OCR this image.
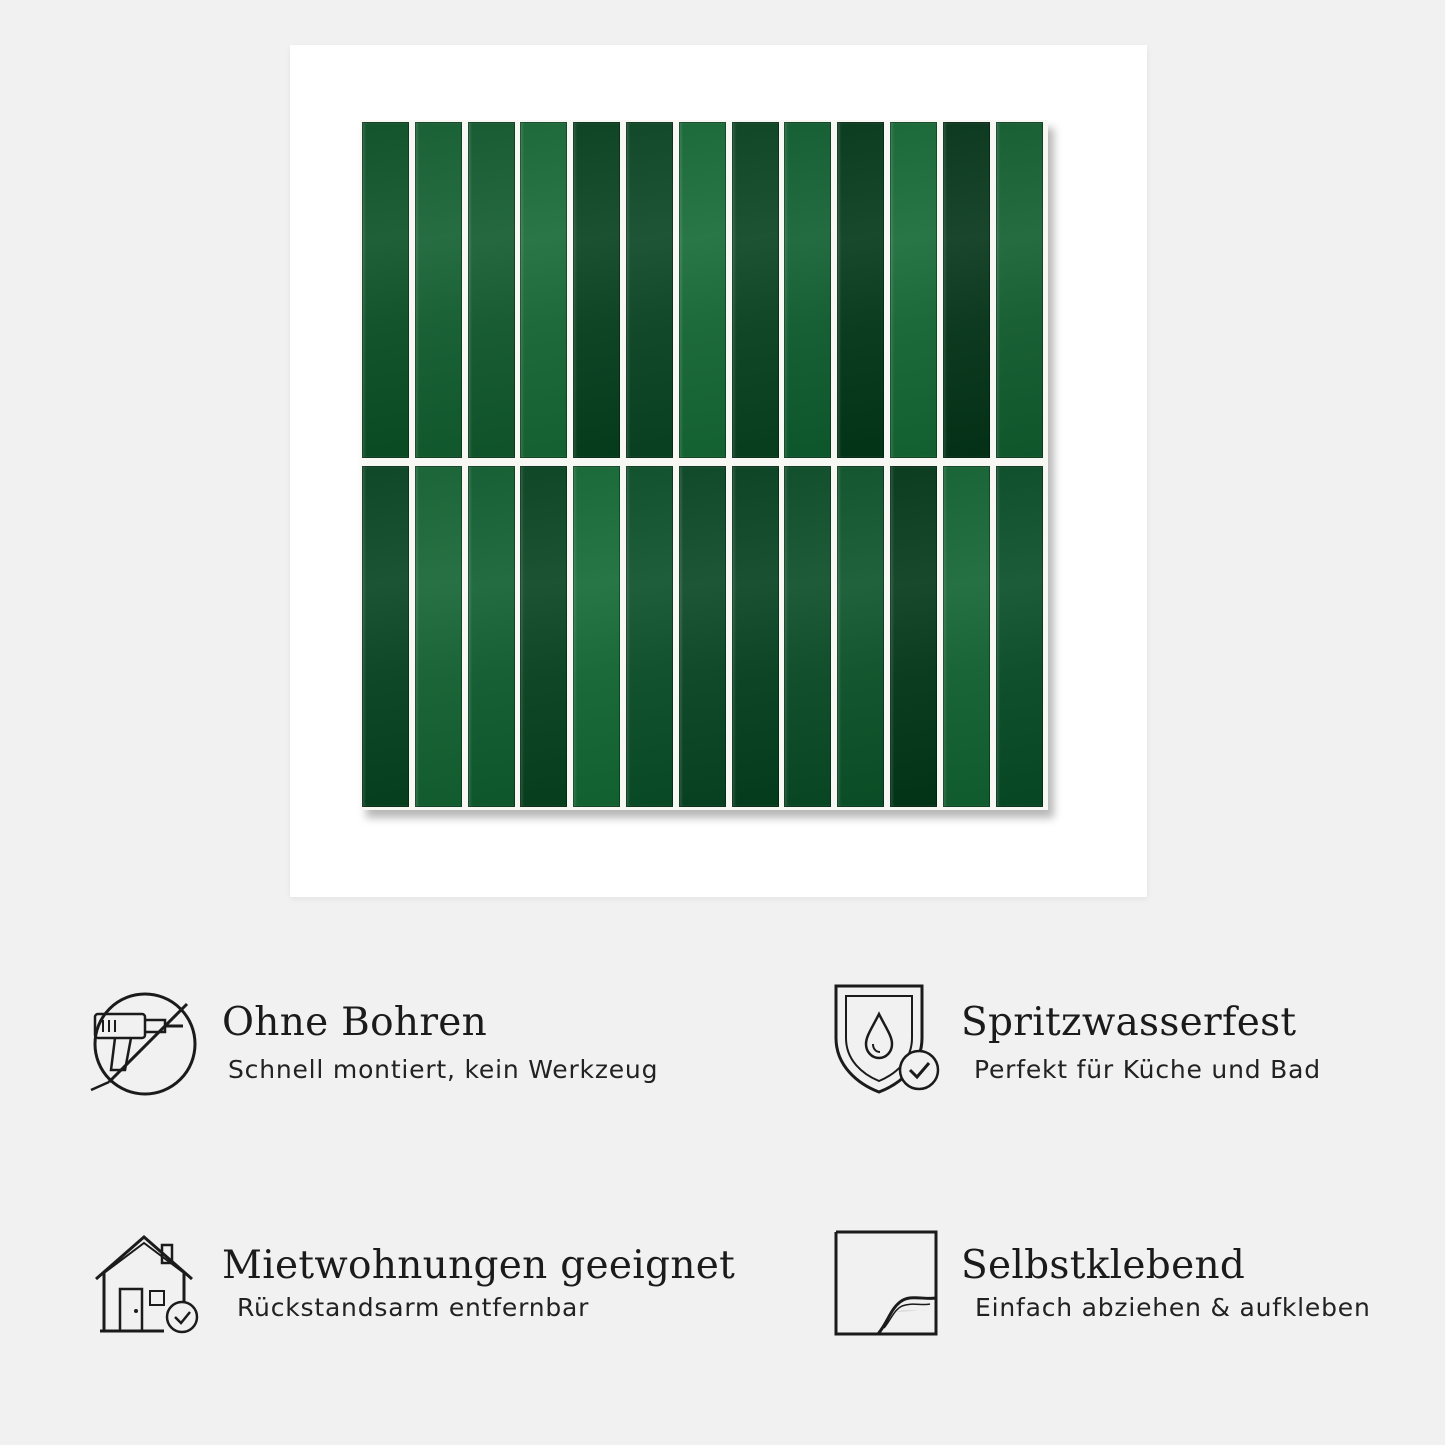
Ohne Bohren
Schnell montiert, kein Werkzeug
Spritzwasserfest
Perfekt für Küche und Bad
Mietwohnungen geeignet
Rückstandsarm entfernbar
Selbstklebend
Einfach abziehen & aufkleben
